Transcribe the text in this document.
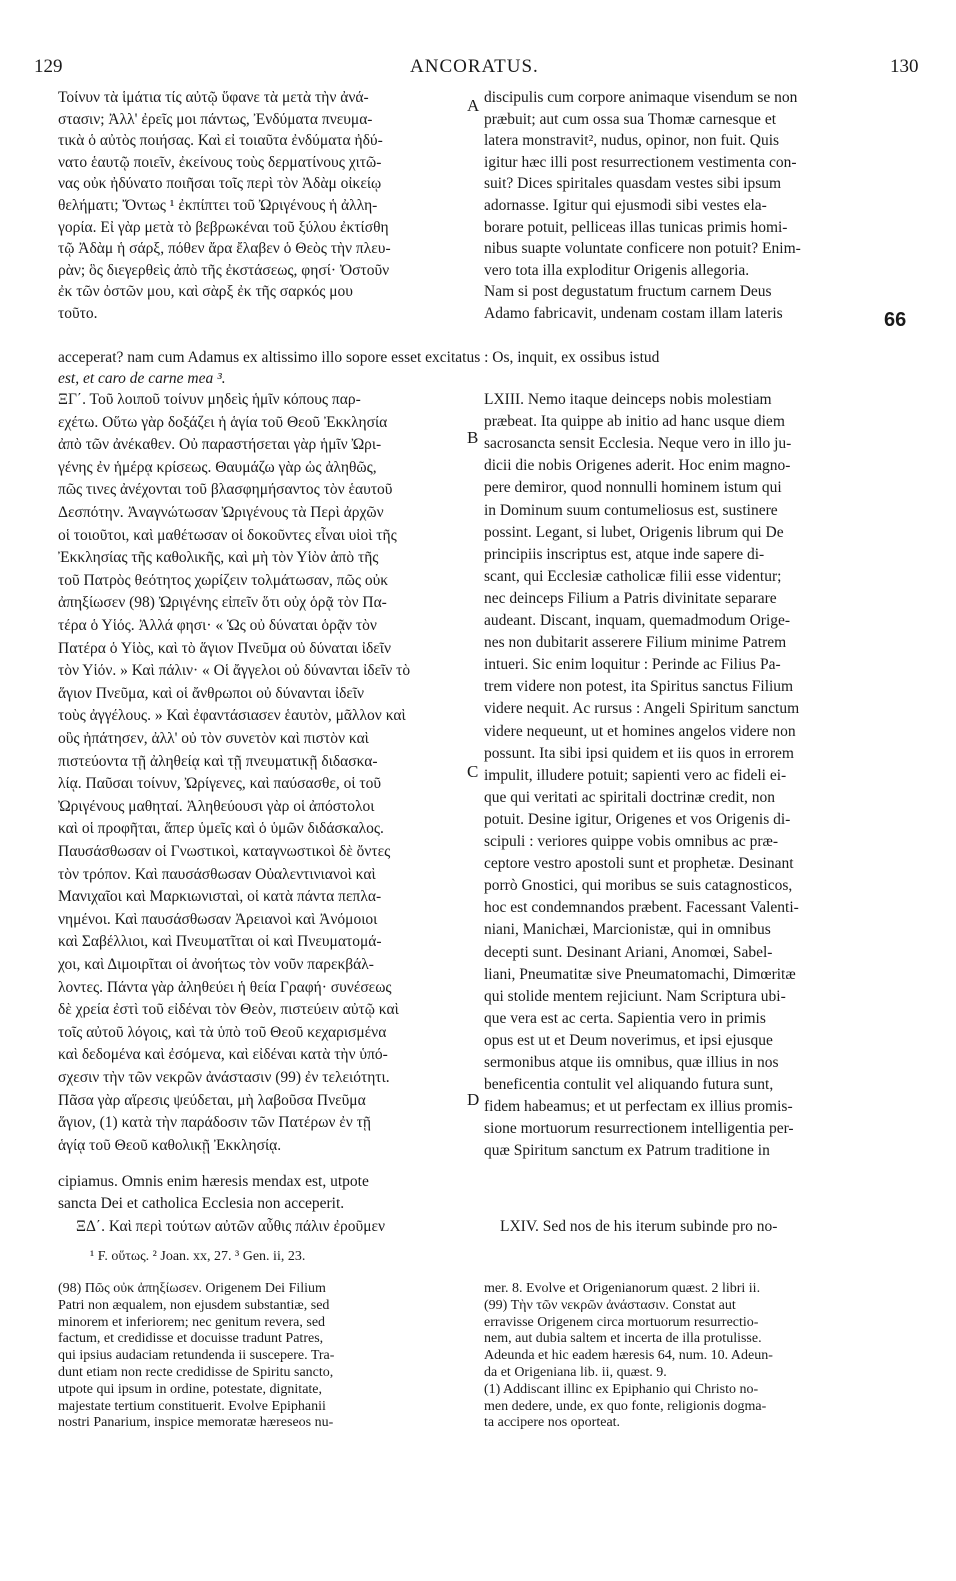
129	ANCORATUS.	130
Τοίνυν τὰ ἱμάτια τίς αὐτῷ ὕφανε τὰ μετὰ τὴν ἀνά-
στασιν; Ἀλλ' ἐρεῖς μοι πάντως, Ἐνδύματα πνευμα-
τικὰ ὁ αὐτὸς ποιήσας. Καὶ εἰ τοιαῦτα ἐνδύματα ἠδύ-
νατο ἑαυτῷ ποιεῖν, ἐκείνους τοὺς δερματίνους χιτῶ-
νας οὐκ ἠδύνατο ποιῆσαι τοῖς περὶ τὸν Ἀδὰμ οἰκείῳ
θελήματι; Ὄντως ¹ ἐκπίπτει τοῦ Ὠριγένους ἡ ἀλλη-
γορία. Εἰ γὰρ μετὰ τὸ βεβρωκέναι τοῦ ξύλου ἐκτίσθη
τῷ Ἀδὰμ ἡ σάρξ, πόθεν ἄρα ἔλαβεν ὁ Θεὸς τὴν πλευ-
ρὰν; ὃς διεγερθεὶς ἀπὸ τῆς ἐκστάσεως, φησί· Ὀστοῦν
ἐκ τῶν ὀστῶν μου, καὶ σὰρξ ἐκ τῆς σαρκός μου
τοῦτο.
discipulis cum corpore animaque visendum se non
præbuit; aut cum ossa sua Thomæ carnesque et
latera monstravit², nudus, opinor, non fuit. Quis
igitur hæc illi post resurrectionem vestimenta con-
suit? Dices spiritales quasdam vestes sibi ipsum
adornasse. Igitur qui ejusmodi sibi vestes ela-
borare potuit, pelliceas illas tunicas primis homi-
nibus suapte voluntate conficere non potuit? Enim-
vero tota illa exploditur Origenis allegoria.
Nam si post degustatum fructum carnem Deus
Adamo fabricavit, undenam costam illam lateris	66
acceperat? nam cum Adamus ex altissimo illo sopore esset excitatus : Os, inquit, ex ossibus istud
est, et caro de carne mea ³.
ΞΓ΄. Τοῦ λοιποῦ τοίνυν μηδεὶς ἡμῖν κόπους παρ-
εχέτω. Οὕτω γὰρ δοξάζει ἡ ἁγία τοῦ Θεοῦ Ἐκκλησία
ἀπὸ τῶν ἀνέκαθεν. Οὐ παραστήσεται γὰρ ἡμῖν Ὠρι-
γένης ἐν ἡμέρᾳ κρίσεως. Θαυμάζω γὰρ ὡς ἀληθῶς,
πῶς τινες ἀνέχονται τοῦ βλασφημήσαντος τὸν ἑαυτοῦ
Δεσπότην. Ἀναγνώτωσαν Ὠριγένους τὰ Περὶ ἀρχῶν
οἱ τοιοῦτοι, καὶ μαθέτωσαν οἱ δοκοῦντες εἶναι υἱοὶ τῆς
Ἐκκλησίας τῆς καθολικῆς, καὶ μὴ τὸν Υἱὸν ἀπὸ τῆς
τοῦ Πατρὸς θεότητος χωρίζειν τολμάτωσαν, πῶς οὐκ
ἀπηξίωσεν (98) Ὠριγένης εἰπεῖν ὅτι οὐχ ὁρᾷ τὸν Πα-
τέρα ὁ Υἱός. Ἀλλά φησι· « Ὡς οὐ δύναται ὁρᾷν τὸν
Πατέρα ὁ Υἱὸς, καὶ τὸ ἅγιον Πνεῦμα οὐ δύναται ἰδεῖν
τὸν Υἱόν. » Καὶ πάλιν· « Οἱ ἄγγελοι οὐ δύνανται ἰδεῖν τὸ
ἅγιον Πνεῦμα, καὶ οἱ ἄνθρωποι οὐ δύνανται ἰδεῖν
τοὺς ἀγγέλους. » Καὶ ἐφαντάσιασεν ἑαυτὸν, μᾶλλον καὶ
οὓς ἠπάτησεν, ἀλλ' οὐ τὸν συνετὸν καὶ πιστὸν καὶ
πιστεύοντα τῇ ἀληθείᾳ καὶ τῇ πνευματικῇ διδασκα-
λίᾳ. Παῦσαι τοίνυν, Ὠρίγενες, καὶ παύσασθε, οἱ τοῦ
Ὠριγένους μαθηταί. Ἀληθεύουσι γὰρ οἱ ἀπόστολοι
καὶ οἱ προφῆται, ἅπερ ὑμεῖς καὶ ὁ ὑμῶν διδάσκαλος.
Παυσάσθωσαν οἱ Γνωστικοὶ, καταγνωστικοὶ δὲ ὄντες
τὸν τρόπον. Καὶ παυσάσθωσαν Οὐαλεντινιανοὶ καὶ
Μανιχαῖοι καὶ Μαρκιωνισταὶ, οἱ κατὰ πάντα πεπλα-
νημένοι. Καὶ παυσάσθωσαν Ἀρειανοὶ καὶ Ἀνόμοιοι
καὶ Σαβέλλιοι, καὶ Πνευματῖται οἱ καὶ Πνευματομά-
χοι, καὶ Διμοιρῖται οἱ ἀνοήτως τὸν νοῦν παρεκβάλ-
λοντες. Πάντα γὰρ ἀληθεύει ἡ θεία Γραφή· συνέσεως
δὲ χρεία ἐστὶ τοῦ εἰδέναι τὸν Θεὸν, πιστεύειν αὐτῷ καὶ
τοῖς αὐτοῦ λόγοις, καὶ τὰ ὑπὸ τοῦ Θεοῦ κεχαρισμένα
καὶ δεδομένα καὶ ἐσόμενα, καὶ εἰδέναι κατὰ τὴν ὑπό-
σχεσιν τὴν τῶν νεκρῶν ἀνάστασιν (99) ἐν τελειότητι.
Πᾶσα γὰρ αἵρεσις ψεύδεται, μὴ λαβοῦσα Πνεῦμα
ἅγιον, (1) κατὰ τὴν παράδοσιν τῶν Πατέρων ἐν τῇ
ἁγίᾳ τοῦ Θεοῦ καθολικῇ Ἐκκλησίᾳ.
LXIII. Nemo itaque deinceps nobis molestiam
præbeat. Ita quippe ab initio ad hanc usque diem
sacrosancta sensit Ecclesia. Neque vero in illo ju-
dicii die nobis Origenes aderit. Hoc enim magno-
pere demiror, quod nonnulli hominem istum qui
in Dominum suum contumeliosus est, sustinere
possint. Legant, si lubet, Origenis librum qui De
principiis inscriptus est, atque inde sapere di-
scant, qui Ecclesiæ catholicæ filii esse videntur;
nec deinceps Filium a Patris divinitate separare
audeant. Discant, inquam, quemadmodum Orige-
nes non dubitarit asserere Filium minime Patrem
intueri. Sic enim loquitur : Perinde ac Filius Pa-
trem videre non potest, ita Spiritus sanctus Filium
videre nequit. Ac rursus : Angeli Spiritum sanctum
videre nequeunt, ut et homines angelos videre non
possunt. Ita sibi ipsi quidem et iis quos in errorem
impulit, illudere potuit; sapienti vero ac fideli ei-
que qui veritati ac spiritali doctrinæ credit, non
potuit. Desine igitur, Origenes et vos Origenis di-
scipuli : veriores quippe vobis omnibus ac præ-
ceptore vestro apostoli sunt et prophetæ. Desinant
porrò Gnostici, qui moribus se suis catagnosticos,
hoc est condemnandos præbent. Facessant Valenti-
niani, Manichæi, Marcionistæ, qui in omnibus
decepti sunt. Desinant Ariani, Anomœi, Sabel-
liani, Pneumatitæ sive Pneumatomachi, Dimœritæ
qui stolide mentem rejiciunt. Nam Scriptura ubi-
que vera est ac certa. Sapientia vero in primis
opus est ut et Deum noverimus, et ipsi ejusque
sermonibus atque iis omnibus, quæ illius in nos
beneficentia contulit vel aliquando futura sunt,
fidem habeamus; et ut perfectam ex illius promis-
sione mortuorum resurrectionem intelligentia per-
quæ Spiritum sanctum ex Patrum traditione in
cipiamus. Omnis enim hæresis mendax est, utpote
sancta Dei et catholica Ecclesia non acceperit.
ΞΔ΄. Καὶ περὶ τούτων αὐτῶν αὖθις πάλιν ἐροῦμεν	LXIV. Sed nos de his iterum subinde pro no-
A
B
C
D
¹ F. οὕτως. ² Joan. xx, 27. ³ Gen. ii, 23.
(98) Πῶς οὐκ ἀπηξίωσεν. Origenem Dei Filium
Patri non æqualem, non ejusdem substantiæ, sed
minorem et inferiorem; nec genitum revera, sed
factum, et credidisse et docuisse tradunt Patres,
qui ipsius audaciam retundenda ii suscepere. Tra-
dunt etiam non recte credidisse de Spiritu sancto,
utpote qui ipsum in ordine, potestate, dignitate,
majestate tertium constituerit. Evolve Epiphanii
nostri Panarium, inspice memoratæ hæreseos nu-
mer. 8. Evolve et Origenianorum quæst. 2 libri ii.
(99) Τὴν τῶν νεκρῶν ἀνάστασιν. Constat aut
erravisse Origenem circa mortuorum resurrectio-
nem, aut dubia saltem et incerta de illa protulisse.
Adeunda et hic eadem hæresis 64, num. 10. Adeun-
da et Origeniana lib. ii, quæst. 9.
(1) Addiscant illinc ex Epiphanio qui Christo no-
men dedere, unde, ex quo fonte, religionis dogma-
ta accipere nos oporteat.
